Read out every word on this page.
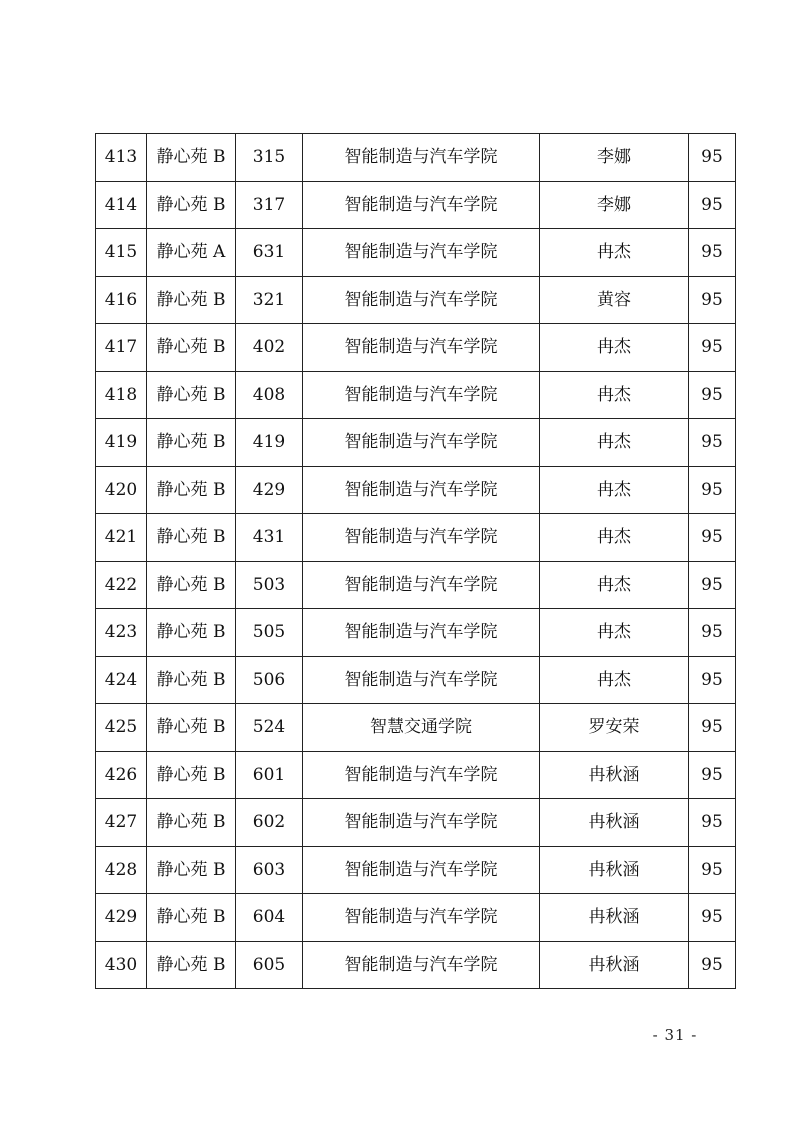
413	静心苑 B	315	智能制造与汽车学院	李娜	95
414	静心苑 B	317	智能制造与汽车学院	李娜	95
415	静心苑 A	631	智能制造与汽车学院	冉杰	95
416	静心苑 B	321	智能制造与汽车学院	黄容	95
417	静心苑 B	402	智能制造与汽车学院	冉杰	95
418	静心苑 B	408	智能制造与汽车学院	冉杰	95
419	静心苑 B	419	智能制造与汽车学院	冉杰	95
420	静心苑 B	429	智能制造与汽车学院	冉杰	95
421	静心苑 B	431	智能制造与汽车学院	冉杰	95
422	静心苑 B	503	智能制造与汽车学院	冉杰	95
423	静心苑 B	505	智能制造与汽车学院	冉杰	95
424	静心苑 B	506	智能制造与汽车学院	冉杰	95
425	静心苑 B	524	智慧交通学院	罗安荣	95
426	静心苑 B	601	智能制造与汽车学院	冉秋涵	95
427	静心苑 B	602	智能制造与汽车学院	冉秋涵	95
428	静心苑 B	603	智能制造与汽车学院	冉秋涵	95
429	静心苑 B	604	智能制造与汽车学院	冉秋涵	95
430	静心苑 B	605	智能制造与汽车学院	冉秋涵	95
- 31 -
